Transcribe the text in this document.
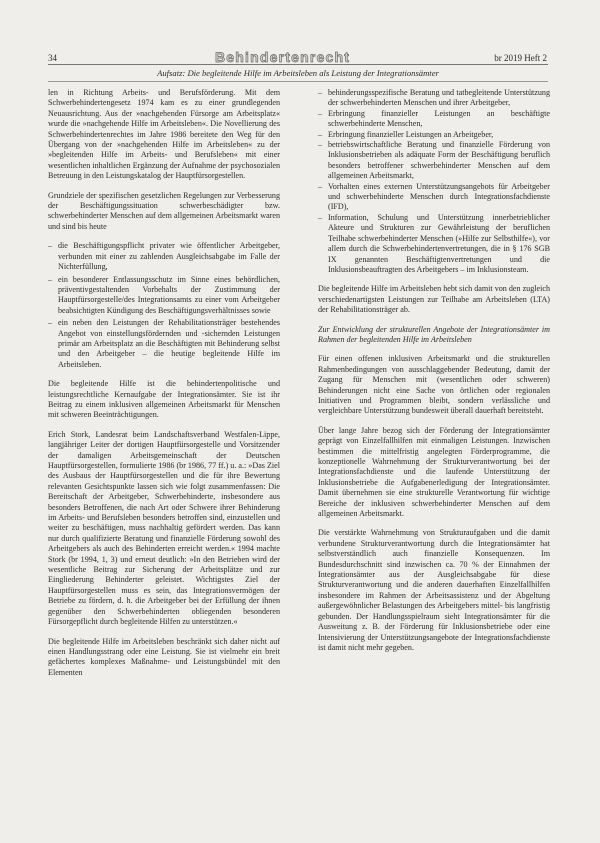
34	Behindertenrecht	br 2019 Heft 2
Aufsatz: Die begleitende Hilfe im Arbeitsleben als Leistung der Integrationsämter

len in Richtung Arbeits- und Berufsförderung. Mit dem Schwerbehindertengesetz 1974 kam es zu einer grundlegenden Neuausrichtung. Aus der »nachgehenden Fürsorge am Arbeitsplatz« wurde die »nachgehende Hilfe im Arbeitsleben«. Die Novellierung des Schwerbehindertenrechtes im Jahre 1986 bereitete den Weg für den Übergang von der »nachgehenden Hilfe im Arbeitsleben« zu der »begleitenden Hilfe im Arbeits- und Berufsleben« mit einer wesentlichen inhaltlichen Ergänzung der Aufnahme der psychosozialen Betreuung in den Leistungskatalog der Hauptfürsorgestellen.

Grundziele der spezifischen gesetzlichen Regelungen zur Verbesserung der Beschäftigungssituation schwerbeschädigter bzw. schwerbehinderter Menschen auf dem allgemeinen Arbeitsmarkt waren und sind bis heute

– die Beschäftigungspflicht privater wie öffentlicher Arbeitgeber, verbunden mit einer zu zahlenden Ausgleichsabgabe im Falle der Nichterfüllung,
– ein besonderer Entlassungsschutz im Sinne eines behördlichen, präventivgestaltenden Vorbehalts der Zustimmung der Hauptfürsorgestelle/des Integrationsamts zu einer vom Arbeitgeber beabsichtigten Kündigung des Beschäftigungsverhältnisses sowie
– ein neben den Leistungen der Rehabilitationsträger bestehendes Angebot von einstellungsfördernden und -sichernden Leistungen primär am Arbeitsplatz an die Beschäftigten mit Behinderung selbst und den Arbeitgeber – die heutige begleitende Hilfe im Arbeitsleben.

Die begleitende Hilfe ist die behindertenpolitische und leistungsrechtliche Kernaufgabe der Integrationsämter. Sie ist ihr Beitrag zu einem inklusiven allgemeinen Arbeitsmarkt für Menschen mit schweren Beeinträchtigungen.

Erich Stork, Landesrat beim Landschaftsverband Westfalen-Lippe, langjähriger Leiter der dortigen Hauptfürsorgestelle und Vorsitzender der damaligen Arbeitsgemeinschaft der Deutschen Hauptfürsorgestellen, formulierte 1986 (br 1986, 77 ff.) u. a.: »Das Ziel des Ausbaus der Hauptfürsorgestellen und die für ihre Bewertung relevanten Gesichtspunkte lassen sich wie folgt zusammenfassen: Die Bereitschaft der Arbeitgeber, Schwerbehinderte, insbesondere aus besonders Betroffenen, die nach Art oder Schwere ihrer Behinderung im Arbeits- und Berufsleben besonders betroffen sind, einzustellen und weiter zu beschäftigen, muss nachhaltig gefördert werden. Das kann nur durch qualifizierte Beratung und finanzielle Förderung sowohl des Arbeitgebers als auch des Behinderten erreicht werden.« 1994 machte Stork (br 1994, 1, 3) und erneut deutlich: »In den Betrieben wird der wesentliche Beitrag zur Sicherung der Arbeitsplätze und zur Eingliederung Behinderter geleistet. Wichtigstes Ziel der Hauptfürsorgestellen muss es sein, das Integrationsvermögen der Betriebe zu fördern, d. h. die Arbeitgeber bei der Erfüllung der ihnen gegenüber den Schwerbehinderten obliegenden besonderen Fürsorgepflicht durch begleitende Hilfen zu unterstützen.«

Die begleitende Hilfe im Arbeitsleben beschränkt sich daher nicht auf einen Handlungsstrang oder eine Leistung. Sie ist vielmehr ein breit gefächertes komplexes Maßnahme- und Leistungsbündel mit den Elementen

– behinderungsspezifische Beratung und tatbegleitende Unterstützung der schwerbehinderten Menschen und ihrer Arbeitgeber,
– Erbringung finanzieller Leistungen an beschäftigte schwerbehinderte Menschen,
– Erbringung finanzieller Leistungen an Arbeitgeber,
– betriebswirtschaftliche Beratung und finanzielle Förderung von Inklusionsbetrieben als adäquate Form der Beschäftigung beruflich besonders betroffener schwerbehinderter Menschen auf dem allgemeinen Arbeitsmarkt,
– Vorhalten eines externen Unterstützungsangebots für Arbeitgeber und schwerbehinderte Menschen durch Integrationsfachdienste (IFD),
– Information, Schulung und Unterstützung innerbetrieblicher Akteure und Strukturen zur Gewährleistung der beruflichen Teilhabe schwerbehinderter Menschen (»Hilfe zur Selbsthilfe«), vor allem durch die Schwerbehindertenvertretungen, die in § 176 SGB IX genannten Beschäftigtenvertretungen und die Inklusionsbeauftragten des Arbeitgebers – im Inklusionsteam.

Die begleitende Hilfe im Arbeitsleben hebt sich damit von den zugleich verschiedenartigsten Leistungen zur Teilhabe am Arbeitsleben (LTA) der Rehabilitationsträger ab.

Zur Entwicklung der strukturellen Angebote der Integrationsämter im Rahmen der begleitenden Hilfe im Arbeitsleben

Für einen offenen inklusiven Arbeitsmarkt und die strukturellen Rahmenbedingungen von ausschlaggebender Bedeutung, damit der Zugang für Menschen mit (wesentlichen oder schweren) Behinderungen nicht eine Sache von örtlichen oder regionalen Initiativen und Programmen bleibt, sondern verlässliche und vergleichbare Unterstützung bundesweit überall dauerhaft bereitsteht.

Über lange Jahre bezog sich der Förderung der Integrationsämter geprägt von Einzelfallhilfen mit einmaligen Leistungen. Inzwischen bestimmen die mittelfristig angelegten Förderprogramme, die konzeptionelle Wahrnehmung der Strukturverantwortung bei der Integrationsfachdienste und die laufende Unterstützung der Inklusionsbetriebe die Aufgabenerledigung der Integrationsämter. Damit übernehmen sie eine strukturelle Verantwortung für wichtige Bereiche der inklusiven schwerbehinderter Menschen auf dem allgemeinen Arbeitsmarkt.

Die verstärkte Wahrnehmung von Strukturaufgaben und die damit verbundene Strukturverantwortung durch die Integrationsämter hat selbstverständlich auch finanzielle Konsequenzen. Im Bundesdurchschnitt sind inzwischen ca. 70 % der Einnahmen der Integrationsämter aus der Ausgleichsabgabe für diese Strukturverantwortung und die anderen dauerhaften Einzelfallhilfen insbesondere im Rahmen der Arbeitsassistenz und der Abgeltung außergewöhnlicher Belastungen des Arbeitgebers mittel- bis langfristig gebunden. Der Handlungsspielraum sieht Integrationsämter für die Ausweitung z. B. der Förderung für Inklusionsbetriebe oder eine Intensivierung der Unterstützungsangebote der Integrationsfachdienste ist damit nicht mehr gegeben.
